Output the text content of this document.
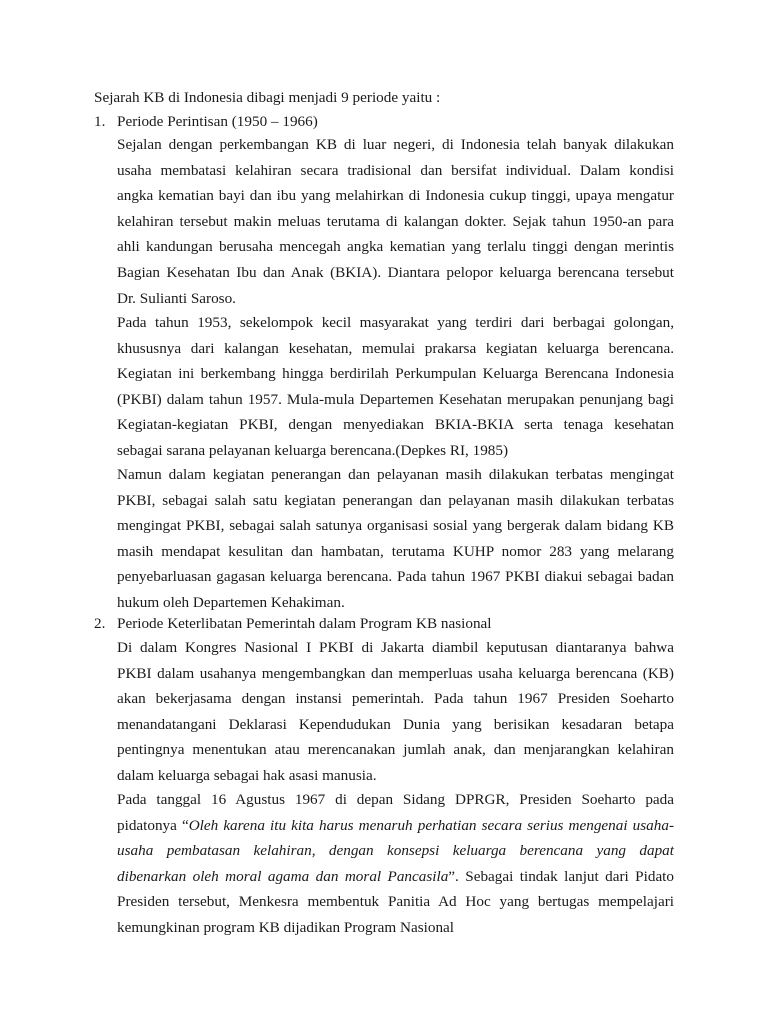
Sejarah KB di Indonesia dibagi menjadi 9 periode yaitu :
1. Periode Perintisan (1950 – 1966)
Sejalan dengan perkembangan KB di luar negeri, di Indonesia telah banyak dilakukan
usaha membatasi kelahiran secara tradisional dan bersifat individual. Dalam kondisi
angka kematian bayi dan ibu yang melahirkan di Indonesia cukup tinggi, upaya mengatur
kelahiran tersebut makin meluas terutama di kalangan dokter. Sejak tahun 1950-an para
ahli kandungan berusaha mencegah angka kematian yang terlalu tinggi dengan merintis
Bagian Kesehatan Ibu dan Anak (BKIA). Diantara pelopor keluarga berencana tersebut
Dr. Sulianti Saroso.
Pada tahun 1953, sekelompok kecil masyarakat yang terdiri dari berbagai golongan,
khususnya dari kalangan kesehatan, memulai prakarsa kegiatan keluarga berencana.
Kegiatan ini berkembang hingga berdirilah Perkumpulan Keluarga Berencana Indonesia
(PKBI) dalam tahun 1957. Mula-mula Departemen Kesehatan merupakan penunjang bagi
Kegiatan-kegiatan PKBI, dengan menyediakan BKIA-BKIA serta tenaga kesehatan
sebagai sarana pelayanan keluarga berencana.(Depkes RI, 1985)
Namun dalam kegiatan penerangan dan pelayanan masih dilakukan terbatas mengingat
PKBI, sebagai salah satu kegiatan penerangan dan pelayanan masih dilakukan terbatas
mengingat PKBI, sebagai salah satunya organisasi sosial yang bergerak dalam bidang KB
masih mendapat kesulitan dan hambatan, terutama KUHP nomor 283 yang melarang
penyebarluasan gagasan keluarga berencana. Pada tahun 1967 PKBI diakui sebagai badan
hukum oleh Departemen Kehakiman.
2. Periode Keterlibatan Pemerintah dalam Program KB nasional
Di dalam Kongres Nasional I PKBI di Jakarta diambil keputusan diantaranya bahwa
PKBI dalam usahanya mengembangkan dan memperluas usaha keluarga berencana (KB)
akan bekerjasama dengan instansi pemerintah. Pada tahun 1967 Presiden Soeharto
menandatangani Deklarasi Kependudukan Dunia yang berisikan kesadaran betapa
pentingnya menentukan atau merencanakan jumlah anak, dan menjarangkan kelahiran
dalam keluarga sebagai hak asasi manusia.
Pada tanggal 16 Agustus 1967 di depan Sidang DPRGR, Presiden Soeharto pada
pidatonya “Oleh karena itu kita harus menaruh perhatian secara serius mengenai usaha-
usaha pembatasan kelahiran, dengan konsepsi keluarga berencana yang dapat
dibenarkan oleh moral agama dan moral Pancasila”. Sebagai tindak lanjut dari Pidato
Presiden tersebut, Menkesra membentuk Panitia Ad Hoc yang bertugas mempelajari
kemungkinan program KB dijadikan Program Nasional
